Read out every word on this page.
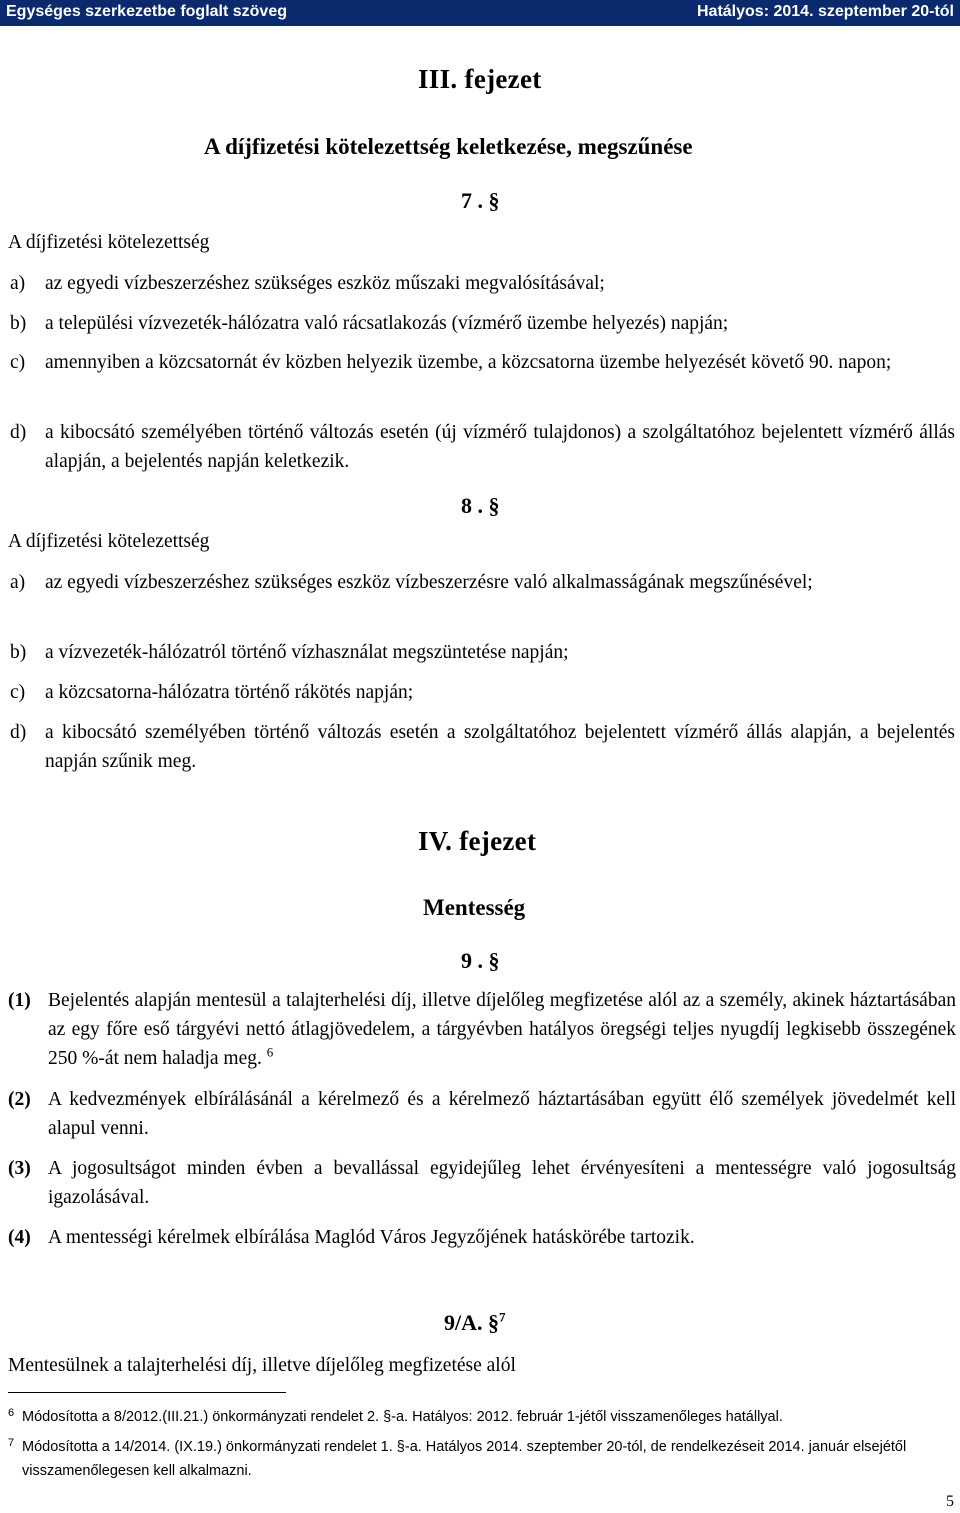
Egységes szerkezetbe foglalt szöveg	Hatályos: 2014. szeptember 20-tól
III. fejezet
A díjfizetési kötelezettség keletkezése, megszűnése
7 . §
A díjfizetési kötelezettség
a) az egyedi vízbeszerzéshez szükséges eszköz műszaki megvalósításával;
b) a települési vízvezeték-hálózatra való rácsatlakozás (vízmérő üzembe helyezés) napján;
c) amennyiben a közcsatornát év közben helyezik üzembe, a közcsatorna üzembe helyezését követő 90. napon;
d) a kibocsátó személyében történő változás esetén (új vízmérő tulajdonos) a szolgáltatóhoz bejelentett vízmérő állás alapján, a bejelentés napján keletkezik.
8 . §
A díjfizetési kötelezettség
a) az egyedi vízbeszerzéshez szükséges eszköz vízbeszerzésre való alkalmasságának megszűnésével;
b) a vízvezeték-hálózatról történő vízhasználat megszüntetése napján;
c) a közcsatorna-hálózatra történő rákötés napján;
d) a kibocsátó személyében történő változás esetén a szolgáltatóhoz bejelentett vízmérő állás alapján, a bejelentés napján szűnik meg.
IV. fejezet
Mentesség
9 . §
(1) Bejelentés alapján mentesül a talajterhelési díj, illetve díjelőleg megfizetése alól az a személy, akinek háztartásában az egy főre eső tárgyévi nettó átlagjövedelem, a tárgyévben hatályos öregségi teljes nyugdíj legkisebb összegének 250 %-át nem haladja meg. $^6$
(2) A kedvezmények elbírálásánál a kérelmező és a kérelmező háztartásában együtt élő személyek jövedelmét kell alapul venni.
(3) A jogosultságot minden évben a bevallással egyidejűleg lehet érvényesíteni a mentességre való jogosultság igazolásával.
(4) A mentességi kérelmek elbírálása Maglód Város Jegyzőjének hatáskörébe tartozik.
9/A. §$^7$
Mentesülnek a talajterhelési díj, illetve díjelőleg megfizetése alól
6 Módosította a 8/2012.(III.21.) önkormányzati rendelet 2. §-a. Hatályos: 2012. február 1-jétől visszamenőleges hatállyal.
7 Módosította a 14/2014. (IX.19.) önkormányzati rendelet 1. §-a. Hatályos 2014. szeptember 20-tól, de rendelkezéseit 2014. január elsejétől visszamenőlegesen kell alkalmazni.
5
